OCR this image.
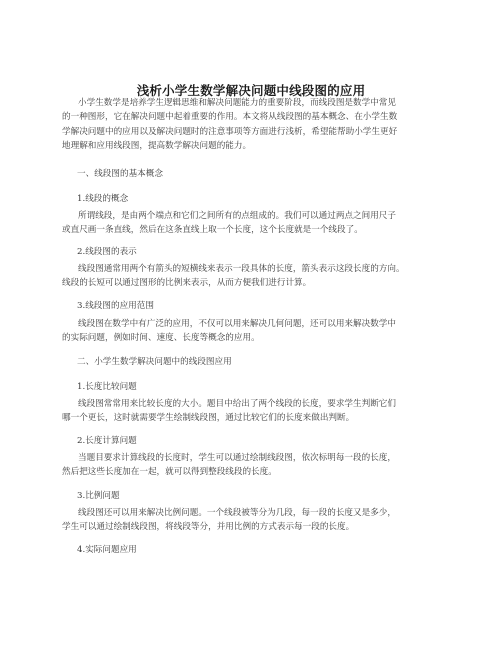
浅析小学生数学解决问题中线段图的应用
小学生数学是培养学生逻辑思维和解决问题能力的重要阶段，而线段图是数学中常见
的一种图形，它在解决问题中起着重要的作用。本文将从线段图的基本概念、在小学生数
学解决问题中的应用以及解决问题时的注意事项等方面进行浅析，希望能帮助小学生更好
地理解和应用线段图，提高数学解决问题的能力。
一、线段图的基本概念
1.线段的概念
所谓线段，是由两个端点和它们之间所有的点组成的。我们可以通过两点之间用尺子
或直尺画一条直线，然后在这条直线上取一个长度，这个长度就是一个线段了。
2.线段图的表示
线段图通常用两个有箭头的短横线来表示一段具体的长度，箭头表示这段长度的方向。
线段的长短可以通过图形的比例来表示，从而方便我们进行计算。
3.线段图的应用范围
线段图在数学中有广泛的应用，不仅可以用来解决几何问题，还可以用来解决数学中
的实际问题，例如时间、速度、长度等概念的应用。
二、小学生数学解决问题中的线段图应用
1.长度比较问题
线段图常常用来比较长度的大小。题目中给出了两个线段的长度，要求学生判断它们
哪一个更长，这时就需要学生绘制线段图，通过比较它们的长度来做出判断。
2.长度计算问题
当题目要求计算线段的长度时，学生可以通过绘制线段图，依次标明每一段的长度，
然后把这些长度加在一起，就可以得到整段线段的长度。
3.比例问题
线段图还可以用来解决比例问题。一个线段被等分为几段，每一段的长度又是多少，
学生可以通过绘制线段图，将线段等分，并用比例的方式表示每一段的长度。
4.实际问题应用
